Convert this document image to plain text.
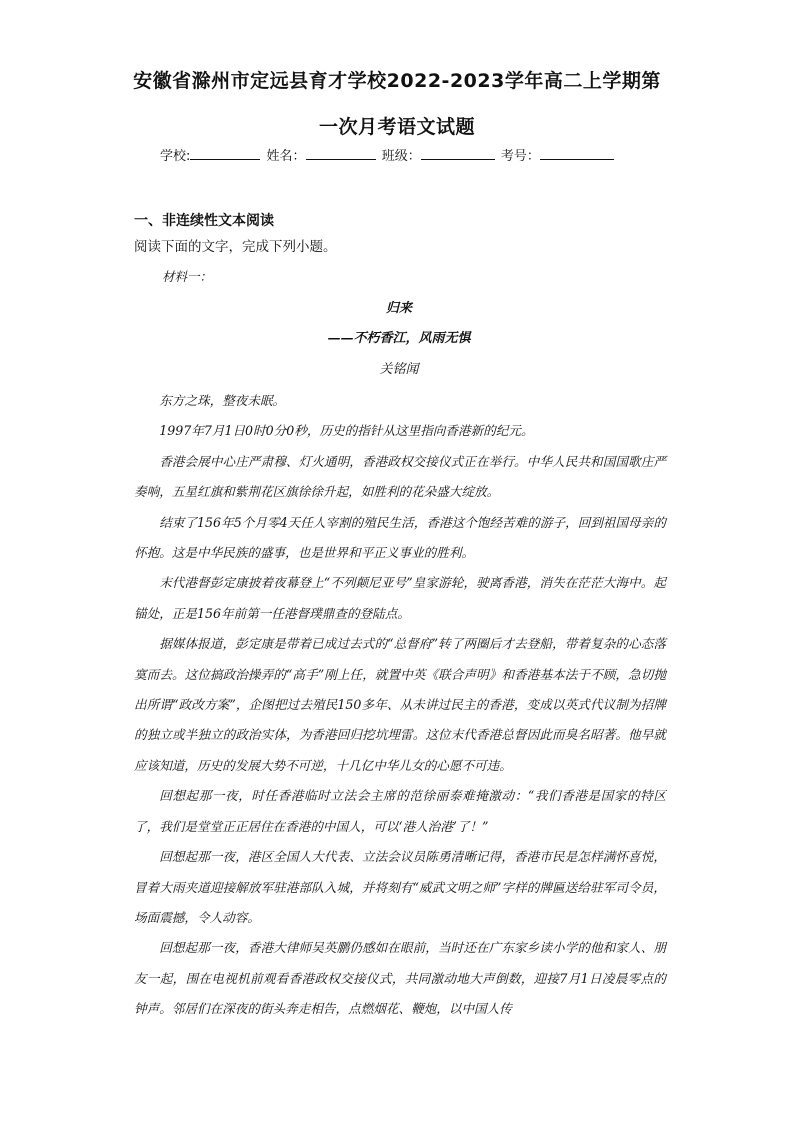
安徽省滁州市定远县育才学校2022-2023学年高二上学期第
一次月考语文试题
学校:	姓名：	班级：	考号：
一、非连续性文本阅读
阅读下面的文字，完成下列小题。
材料一：
归来
——不朽香江，风雨无惧
关铭闻

东方之珠，整夜未眠。

1997年7月1日0时0分0秒，历史的指针从这里指向香港新的纪元。

香港会展中心庄严肃穆、灯火通明，香港政权交接仪式正在举行。中华人民共和国国歌庄严奏响，五星红旗和紫荆花区旗徐徐升起，如胜利的花朵盛大绽放。

结束了156年5个月零4天任人宰割的殖民生活，香港这个饱经苦难的游子，回到祖国母亲的怀抱。这是中华民族的盛事，也是世界和平正义事业的胜利。

末代港督彭定康披着夜幕登上“不列颠尼亚号”皇家游轮，驶离香港，消失在茫茫大海中。起锚处，正是156年前第一任港督璞鼎查的登陆点。

据媒体报道，彭定康是带着已成过去式的“总督府”转了两圈后才去登船，带着复杂的心态落寞而去。这位搞政治操弄的“高手”刚上任，就置中英《联合声明》和香港基本法于不顾，急切抛出所谓“政改方案”，企图把过去殖民150多年、从未讲过民主的香港，变成以英式代议制为招牌的独立或半独立的政治实体，为香港回归挖坑埋雷。这位末代香港总督因此而臭名昭著。他早就应该知道，历史的发展大势不可逆，十几亿中华儿女的心愿不可违。

回想起那一夜，时任香港临时立法会主席的范徐丽泰难掩激动：“我们香港是国家的特区了，我们是堂堂正正居住在香港的中国人，可以‘港人治港’了！”

回想起那一夜，港区全国人大代表、立法会议员陈勇清晰记得，香港市民是怎样满怀喜悦，冒着大雨夹道迎接解放军驻港部队入城，并将刻有“威武文明之师”字样的牌匾送给驻军司令员，场面震撼，令人动容。

回想起那一夜，香港大律师吴英鹏仍感如在眼前，当时还在广东家乡读小学的他和家人、朋友一起，围在电视机前观看香港政权交接仪式，共同激动地大声倒数，迎接7月1日凌晨零点的钟声。邻居们在深夜的街头奔走相告，点燃烟花、鞭炮，以中国人传
